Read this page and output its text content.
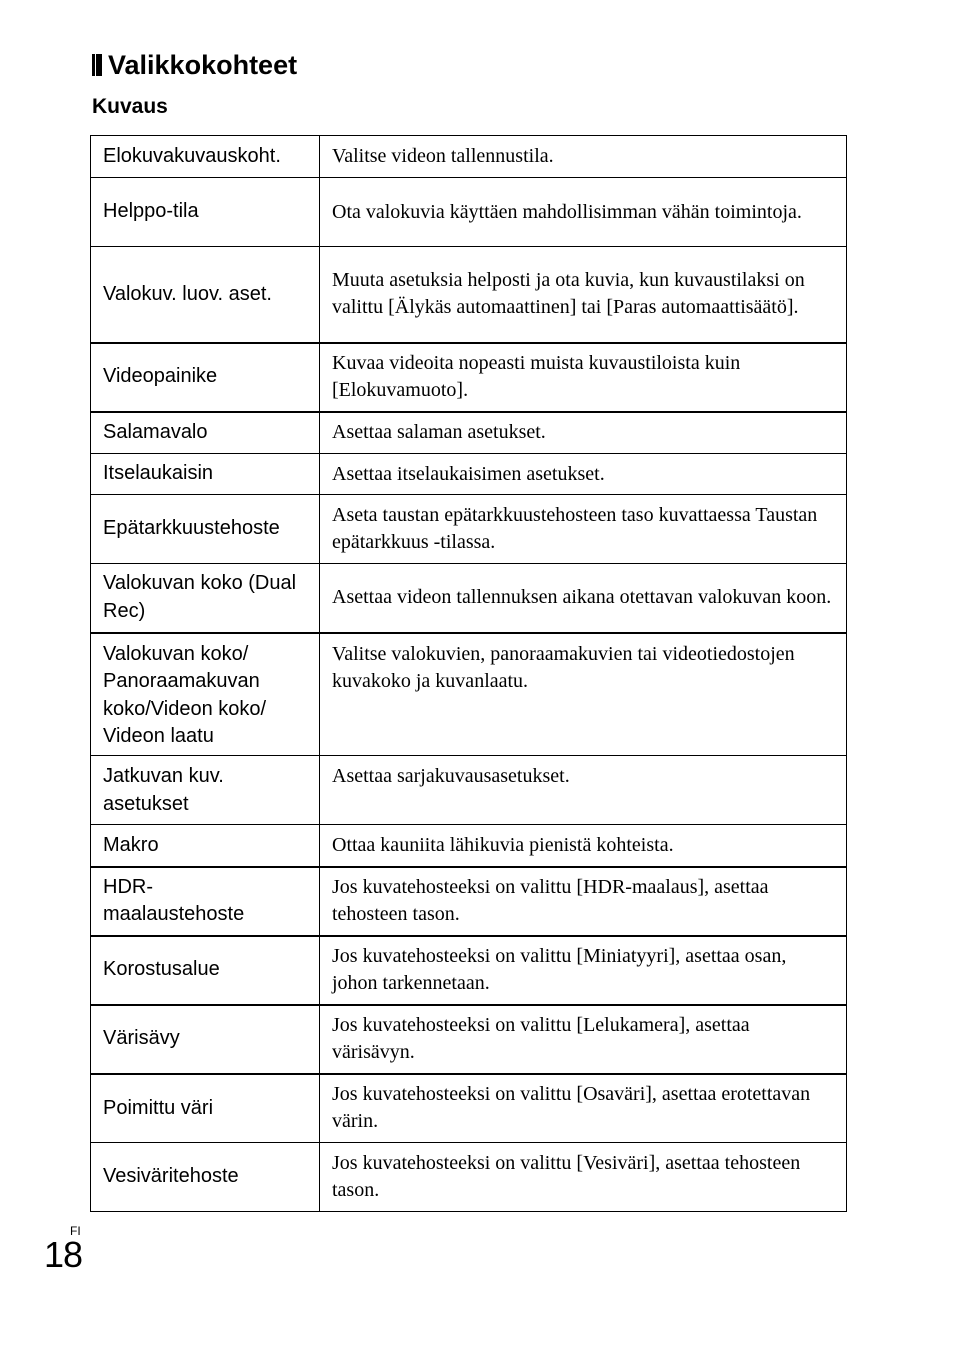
Valikkokohteet
Kuvaus
Elokuvakuvauskoht.	Valitse videon tallennustila.
Helppo-tila	Ota valokuvia käyttäen mahdollisimman vähän toimintoja.
Valokuv. luov. aset.	Muuta asetuksia helposti ja ota kuvia, kun kuvaustilaksi on valittu [Älykäs automaattinen] tai [Paras automaattisäätö].
Videopainike	Kuvaa videoita nopeasti muista kuvaustiloista kuin [Elokuvamuoto].
Salamavalo	Asettaa salaman asetukset.
Itselaukaisin	Asettaa itselaukaisimen asetukset.
Epätarkkuustehoste	Aseta taustan epätarkkuustehosteen taso kuvattaessa Taustan epätarkkuus -tilassa.
Valokuvan koko (Dual Rec)	Asettaa videon tallennuksen aikana otettavan valokuvan koon.
Valokuvan koko/ Panoraamakuvan koko/Videon koko/ Videon laatu	Valitse valokuvien, panoraamakuvien tai videotiedostojen kuvakoko ja kuvanlaatu.
Jatkuvan kuv. asetukset	Asettaa sarjakuvausasetukset.
Makro	Ottaa kauniita lähikuvia pienistä kohteista.
HDR-maalaustehoste	Jos kuvatehosteeksi on valittu [HDR-maalaus], asettaa tehosteen tason.
Korostusalue	Jos kuvatehosteeksi on valittu [Miniatyyri], asettaa osan, johon tarkennetaan.
Värisävy	Jos kuvatehosteeksi on valittu [Lelukamera], asettaa värisävyn.
Poimittu väri	Jos kuvatehosteeksi on valittu [Osaväri], asettaa erotettavan värin.
Vesiväritehoste	Jos kuvatehosteeksi on valittu [Vesiväri], asettaa tehosteen tason.
FI
18
